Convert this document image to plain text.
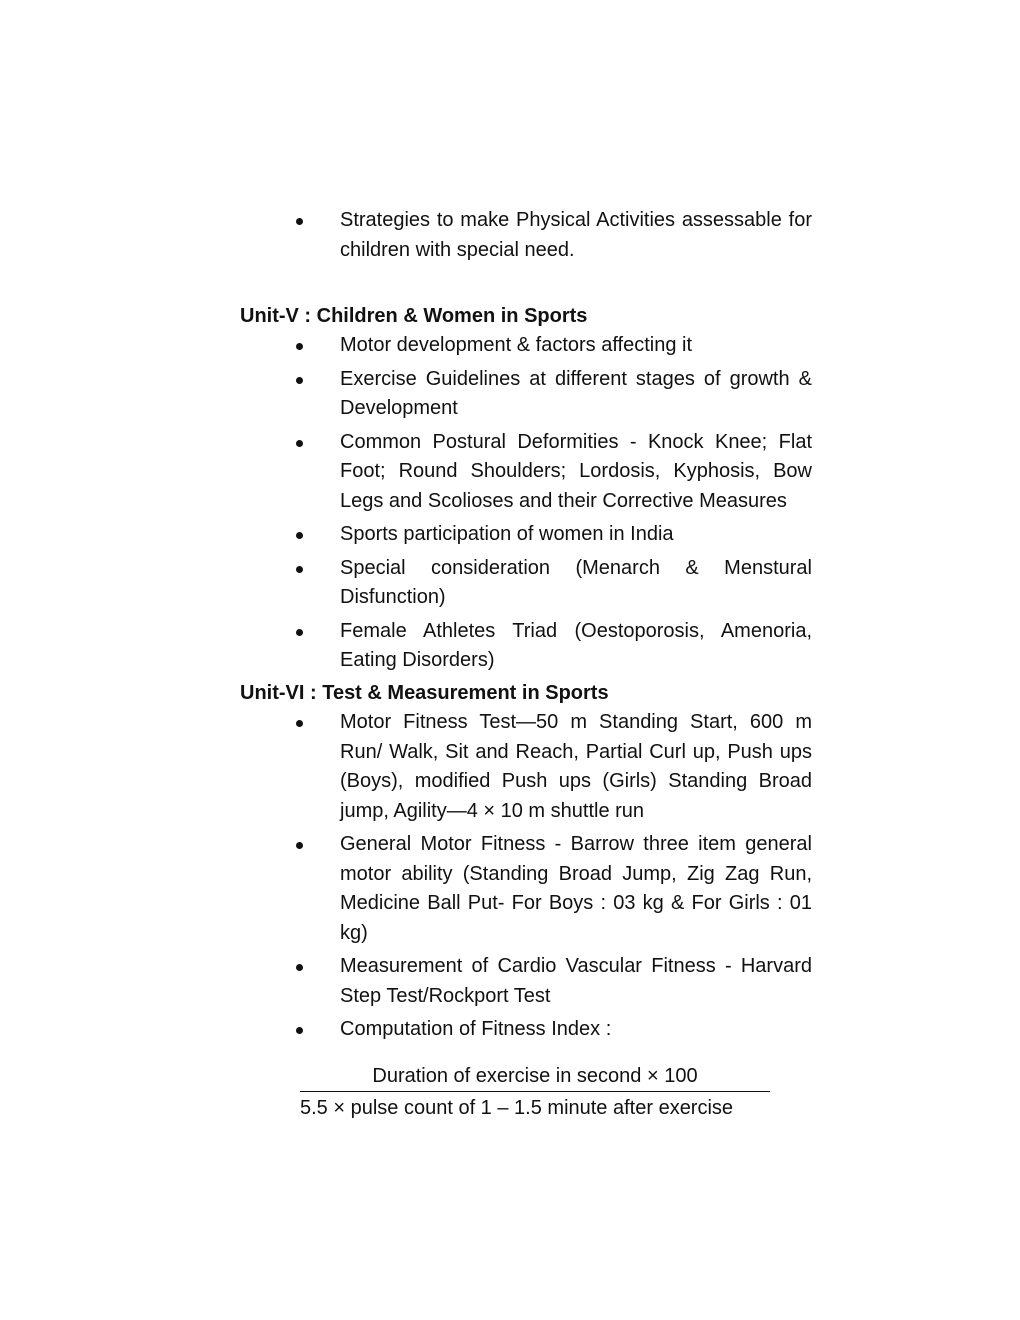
Strategies to make Physical Activities assessable for children with special need.
Unit-V : Children & Women in Sports
Motor development & factors affecting it
Exercise Guidelines at different stages of growth & Development
Common Postural Deformities - Knock Knee; Flat Foot; Round Shoulders; Lordosis, Kyphosis, Bow Legs and Scolioses and their Corrective Measures
Sports participation of women in India
Special consideration (Menarch & Menstural Disfunction)
Female Athletes Triad (Oestoporosis, Amenoria, Eating Disorders)
Unit-VI : Test & Measurement in Sports
Motor Fitness Test—50 m Standing Start, 600 m Run/ Walk, Sit and Reach, Partial Curl up, Push ups (Boys), modified Push ups (Girls) Standing Broad jump, Agility—4 × 10 m shuttle run
General Motor Fitness - Barrow three item general motor ability (Standing Broad Jump, Zig Zag Run, Medicine Ball Put- For Boys : 03 kg & For Girls : 01 kg)
Measurement of Cardio Vascular Fitness - Harvard Step Test/Rockport Test
Computation of Fitness Index :
Duration of exercise in second × 100
5.5 × pulse count of 1 – 1.5 minute after exercise
